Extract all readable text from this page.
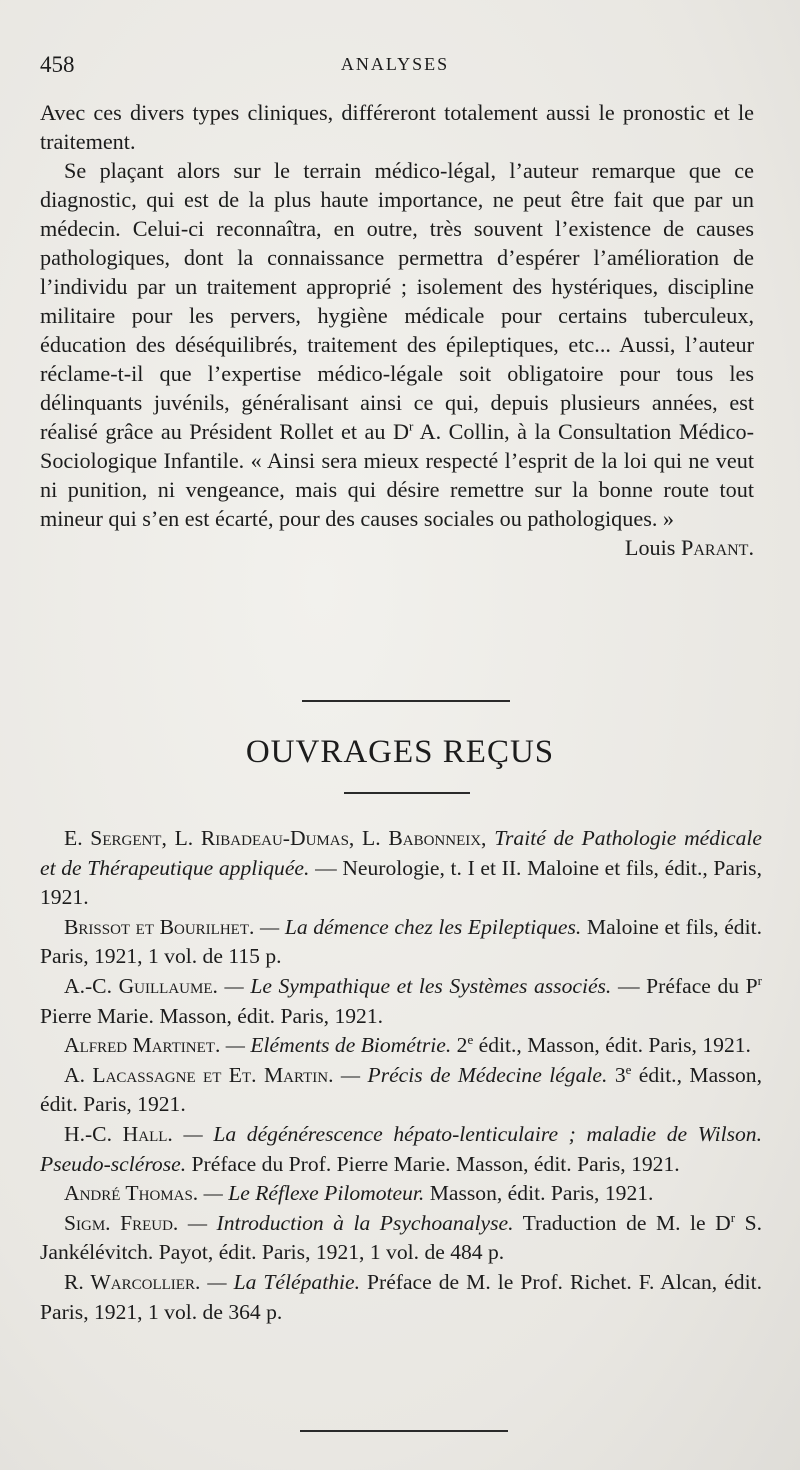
458	ANALYSES

Avec ces divers types cliniques, différeront totalement aussi le pronostic et le traitement.

Se plaçant alors sur le terrain médico-légal, l’auteur remarque que ce diagnostic, qui est de la plus haute importance, ne peut être fait que par un médecin. Celui-ci reconnaîtra, en outre, très souvent l’existence de causes pathologiques, dont la connaissance permettra d’espérer l’amélioration de l’individu par un traitement approprié ; isolement des hystériques, discipline militaire pour les pervers, hygiène médicale pour certains tuberculeux, éducation des déséquilibrés, traitement des épileptiques, etc... Aussi, l’auteur réclame-t-il que l’expertise médico-légale soit obligatoire pour tous les délinquants juvénils, généralisant ainsi ce qui, depuis plusieurs années, est réalisé grâce au Président Rollet et au $D^r$ A. Collin, à la Consultation Médico-Sociologique Infantile. « Ainsi sera mieux respecté l’esprit de la loi qui ne veut ni punition, ni vengeance, mais qui désire remettre sur la bonne route tout mineur qui s’en est écarté, pour des causes sociales ou pathologiques. »

Louis Parant.

OUVRAGES REÇUS

E. Sergent, L. Ribadeau-Dumas, L. Babonneix, Traité de Pathologie médicale et de Thérapeutique appliquée. — Neurologie, t. I et II. Maloine et fils, édit., Paris, 1921.

Brissot et Bourilhet. — La démence chez les Epileptiques. Maloine et fils, édit. Paris, 1921, 1 vol. de 115 p.

A.-C. Guillaume. — Le Sympathique et les Systèmes associés. — Préface du $P^r$ Pierre Marie. Masson, édit. Paris, 1921.

Alfred Martinet. — Eléments de Biométrie. 2e édit., Masson, édit. Paris, 1921.

A. Lacassagne et Et. Martin. — Précis de Médecine légale. 3e édit., Masson, édit. Paris, 1921.

H.-C. Hall. — La dégénérescence hépato-lenticulaire ; maladie de Wilson. Pseudo-sclérose. Préface du Prof. Pierre Marie. Masson, édit. Paris, 1921.

André Thomas. — Le Réflexe Pilomoteur. Masson, édit. Paris, 1921.

Sigm. Freud. — Introduction à la Psychoanalyse. Traduction de M. le $D^r$ S. Jankélévitch. Payot, édit. Paris, 1921, 1 vol. de 484 p.

R. Warcollier. — La Télépathie. Préface de M. le Prof. Richet. F. Alcan, édit. Paris, 1921, 1 vol. de 364 p.
